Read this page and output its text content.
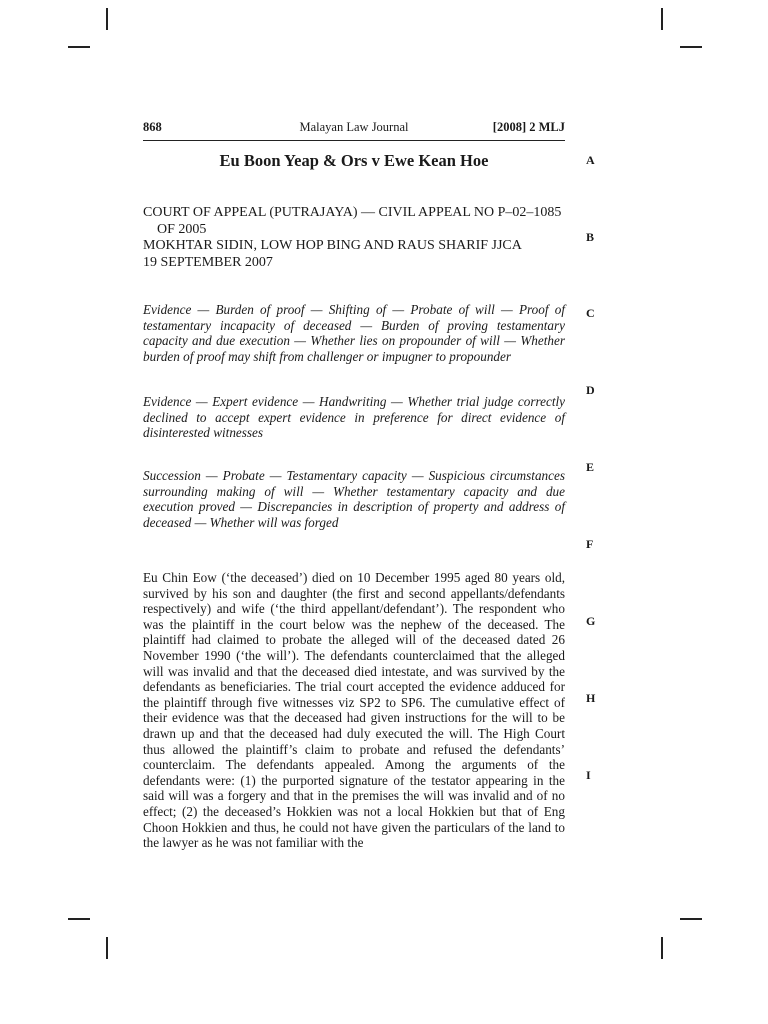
Malayan Law Journal
868	[2008] 2 MLJ
Eu Boon Yeap & Ors v Ewe Kean Hoe
COURT OF APPEAL (PUTRAJAYA) — CIVIL APPEAL NO P–02–1085
OF 2005
MOKHTAR SIDIN, LOW HOP BING AND RAUS SHARIF JJCA
19 SEPTEMBER 2007
Evidence — Burden of proof — Shifting of — Probate of will — Proof of testamentary incapacity of deceased — Burden of proving testamentary capacity and due execution — Whether lies on propounder of will — Whether burden of proof may shift from challenger or impugner to propounder
Evidence — Expert evidence — Handwriting — Whether trial judge correctly declined to accept expert evidence in preference for direct evidence of disinterested witnesses
Succession — Probate — Testamentary capacity — Suspicious circumstances surrounding making of will — Whether testamentary capacity and due execution proved — Discrepancies in description of property and address of deceased — Whether will was forged
Eu Chin Eow (‘the deceased’) died on 10 December 1995 aged 80 years old, survived by his son and daughter (the first and second appellants/defendants respectively) and wife (‘the third appellant/defendant’). The respondent who was the plaintiff in the court below was the nephew of the deceased. The plaintiff had claimed to probate the alleged will of the deceased dated 26 November 1990 (‘the will’). The defendants counterclaimed that the alleged will was invalid and that the deceased died intestate, and was survived by the defendants as beneficiaries. The trial court accepted the evidence adduced for the plaintiff through five witnesses viz SP2 to SP6. The cumulative effect of their evidence was that the deceased had given instructions for the will to be drawn up and that the deceased had duly executed the will. The High Court thus allowed the plaintiff’s claim to probate and refused the defendants’ counterclaim. The defendants appealed. Among the arguments of the defendants were: (1) the purported signature of the testator appearing in the said will was a forgery and that in the premises the will was invalid and of no effect; (2) the deceased’s Hokkien was not a local Hokkien but that of Eng Choon Hokkien and thus, he could not have given the particulars of the land to the lawyer as he was not familiar with the
A
B
C
D
E
F
G
H
I
